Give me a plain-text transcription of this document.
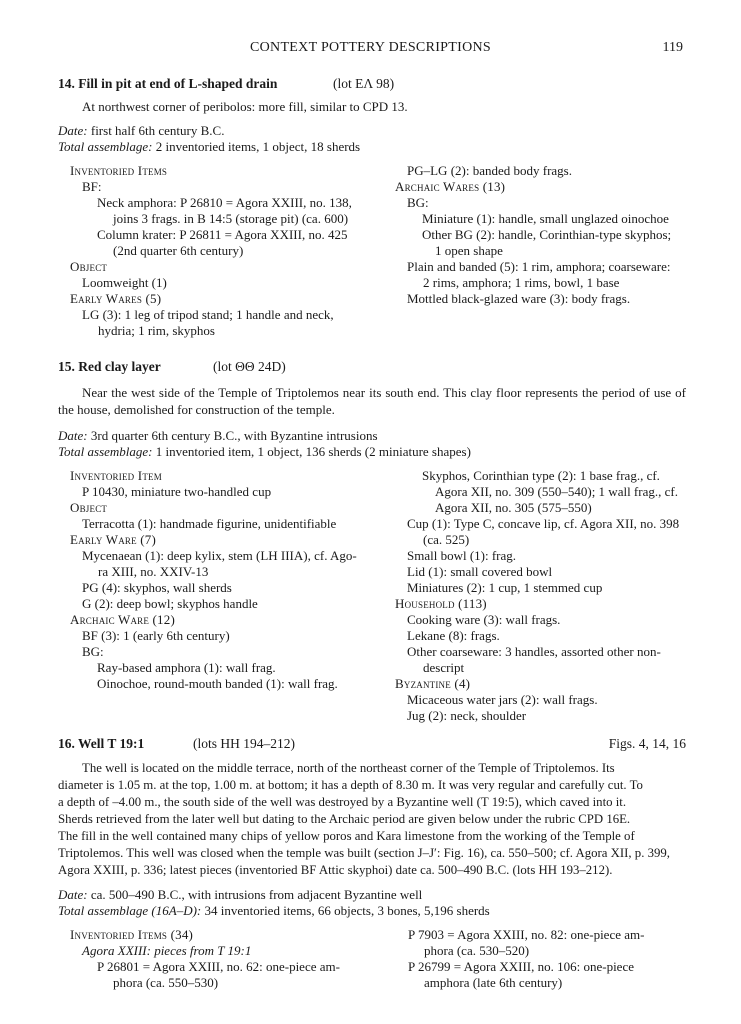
CONTEXT POTTERY DESCRIPTIONS	119
14. Fill in pit at end of L-shaped drain	(lot EΛ 98)
At northwest corner of peribolos: more fill, similar to CPD 13.
Date: first half 6th century B.C.
Total assemblage: 2 inventoried items, 1 object, 18 sherds
Inventoried Items
BF:
Neck amphora: P 26810 = Agora XXIII, no. 138,
joins 3 frags. in B 14:5 (storage pit) (ca. 600)
Column krater: P 26811 = Agora XXIII, no. 425
(2nd quarter 6th century)
Object
Loomweight (1)
Early Wares (5)
LG (3): 1 leg of tripod stand; 1 handle and neck,
hydria; 1 rim, skyphos
PG–LG (2): banded body frags.
Archaic Wares (13)
BG:
Miniature (1): handle, small unglazed oinochoe
Other BG (2): handle, Corinthian-type skyphos;
1 open shape
Plain and banded (5): 1 rim, amphora; coarseware:
2 rims, amphora; 1 rims, bowl, 1 base
Mottled black-glazed ware (3): body frags.
15. Red clay layer	(lot ΘΘ 24D)
Near the west side of the Temple of Triptolemos near its south end. This clay floor represents the period of use of the house, demolished for construction of the temple.
Date: 3rd quarter 6th century B.C., with Byzantine intrusions
Total assemblage: 1 inventoried item, 1 object, 136 sherds (2 miniature shapes)
Inventoried Item
P 10430, miniature two-handled cup
Object
Terracotta (1): handmade figurine, unidentifiable
Early Ware (7)
Mycenaean (1): deep kylix, stem (LH IIIA), cf. Ago-
ra XIII, no. XXIV-13
PG (4): skyphos, wall sherds
G (2): deep bowl; skyphos handle
Archaic Ware (12)
BF (3): 1 (early 6th century)
BG:
Ray-based amphora (1): wall frag.
Oinochoe, round-mouth banded (1): wall frag.
Skyphos, Corinthian type (2): 1 base frag., cf.
Agora XII, no. 309 (550–540); 1 wall frag., cf.
Agora XII, no. 305 (575–550)
Cup (1): Type C, concave lip, cf. Agora XII, no. 398
(ca. 525)
Small bowl (1): frag.
Lid (1): small covered bowl
Miniatures (2): 1 cup, 1 stemmed cup
Household (113)
Cooking ware (3): wall frags.
Lekane (8): frags.
Other coarseware: 3 handles, assorted other non-
descript
Byzantine (4)
Micaceous water jars (2): wall frags.
Jug (2): neck, shoulder
16. Well T 19:1	(lots HH 194–212)	Figs. 4, 14, 16
The well is located on the middle terrace, north of the northeast corner of the Temple of Triptolemos. Its
diameter is 1.05 m. at the top, 1.00 m. at bottom; it has a depth of 8.30 m. It was very regular and carefully cut. To
a depth of –4.00 m., the south side of the well was destroyed by a Byzantine well (T 19:5), which caved into it.
Sherds retrieved from the later well but dating to the Archaic period are given below under the rubric CPD 16E.
The fill in the well contained many chips of yellow poros and Kara limestone from the working of the Temple of
Triptolemos. This well was closed when the temple was built (section J–J′: Fig. 16), ca. 550–500; cf. Agora XII, p. 399,
Agora XXIII, p. 336; latest pieces (inventoried BF Attic skyphoi) date ca. 500–490 B.C. (lots HH 193–212).
Date: ca. 500–490 B.C., with intrusions from adjacent Byzantine well
Total assemblage (16A–D): 34 inventoried items, 66 objects, 3 bones, 5,196 sherds
Inventoried Items (34)
Agora XXIII: pieces from T 19:1
P 26801 = Agora XXIII, no. 62: one-piece am-
phora (ca. 550–530)
P 7903 = Agora XXIII, no. 82: one-piece am-
phora (ca. 530–520)
P 26799 = Agora XXIII, no. 106: one-piece
amphora (late 6th century)
